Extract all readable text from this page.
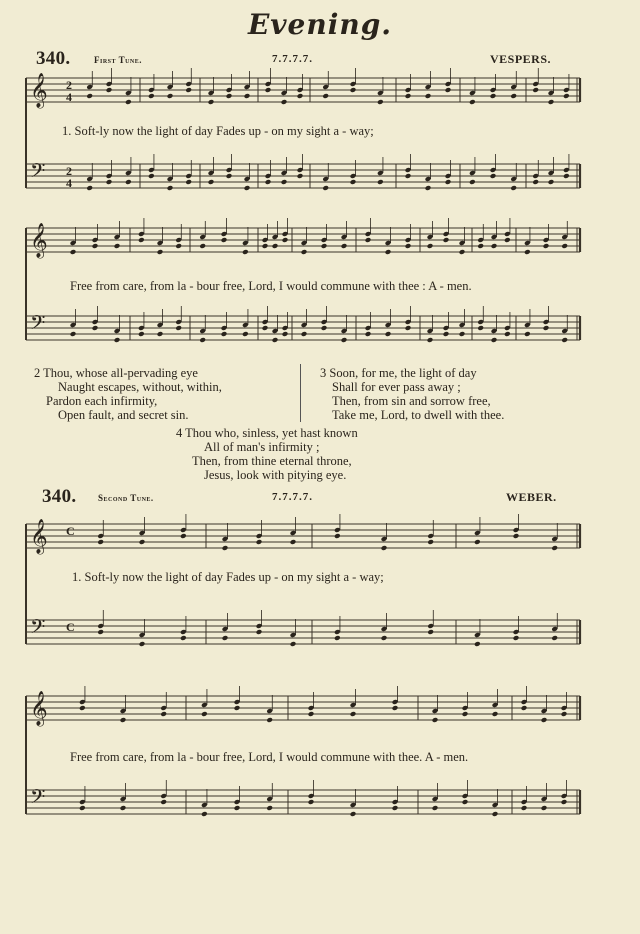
Evening.
340.	First Tune.	7.7.7.7.	VESPERS.
1. Soft-ly now the light of day Fades up - on my sight a - way;
Free from care, from la - bour free, Lord, I would commune with thee : A - men.
2 Thou, whose all-pervading eye
Naught escapes, without, within,
Pardon each infirmity,
Open fault, and secret sin.
3 Soon, for me, the light of day
Shall for ever pass away ;
Then, from sin and sorrow free,
Take me, Lord, to dwell with thee.
4 Thou who, sinless, yet hast known
All of man's infirmity ;
Then, from thine eternal throne,
Jesus, look with pitying eye.
340. Second Tune.	7.7.7.7.	WEBER.
1. Soft-ly now the light of day Fades up - on my sight a - way;
Free from care, from la - bour free, Lord, I would commune with thee. A - men.
𝄞
𝄢
2
4
2
4
𝄞
𝄢
𝄞
𝄢
C
C
𝄞
𝄢
